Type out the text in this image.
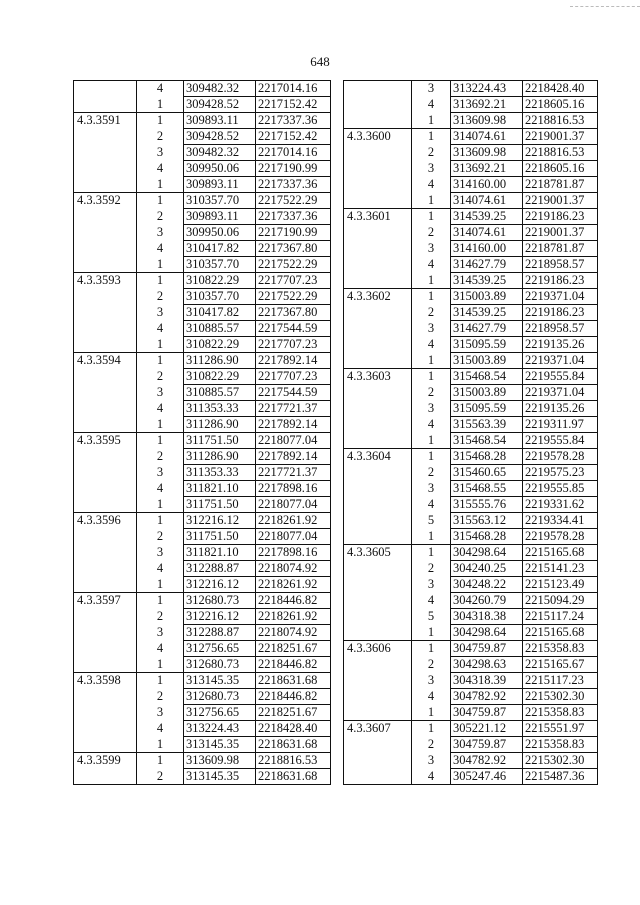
648
	4	309482.32	2217014.16
	1	309428.52	2217152.42
4.3.3591	1	309893.11	2217337.36
	2	309428.52	2217152.42
	3	309482.32	2217014.16
	4	309950.06	2217190.99
	1	309893.11	2217337.36
4.3.3592	1	310357.70	2217522.29
	2	309893.11	2217337.36
	3	309950.06	2217190.99
	4	310417.82	2217367.80
	1	310357.70	2217522.29
4.3.3593	1	310822.29	2217707.23
	2	310357.70	2217522.29
	3	310417.82	2217367.80
	4	310885.57	2217544.59
	1	310822.29	2217707.23
4.3.3594	1	311286.90	2217892.14
	2	310822.29	2217707.23
	3	310885.57	2217544.59
	4	311353.33	2217721.37
	1	311286.90	2217892.14
4.3.3595	1	311751.50	2218077.04
	2	311286.90	2217892.14
	3	311353.33	2217721.37
	4	311821.10	2217898.16
	1	311751.50	2218077.04
4.3.3596	1	312216.12	2218261.92
	2	311751.50	2218077.04
	3	311821.10	2217898.16
	4	312288.87	2218074.92
	1	312216.12	2218261.92
4.3.3597	1	312680.73	2218446.82
	2	312216.12	2218261.92
	3	312288.87	2218074.92
	4	312756.65	2218251.67
	1	312680.73	2218446.82
4.3.3598	1	313145.35	2218631.68
	2	312680.73	2218446.82
	3	312756.65	2218251.67
	4	313224.43	2218428.40
	1	313145.35	2218631.68
4.3.3599	1	313609.98	2218816.53
	2	313145.35	2218631.68
	3	313224.43	2218428.40
	4	313692.21	2218605.16
	1	313609.98	2218816.53
4.3.3600	1	314074.61	2219001.37
	2	313609.98	2218816.53
	3	313692.21	2218605.16
	4	314160.00	2218781.87
	1	314074.61	2219001.37
4.3.3601	1	314539.25	2219186.23
	2	314074.61	2219001.37
	3	314160.00	2218781.87
	4	314627.79	2218958.57
	1	314539.25	2219186.23
4.3.3602	1	315003.89	2219371.04
	2	314539.25	2219186.23
	3	314627.79	2218958.57
	4	315095.59	2219135.26
	1	315003.89	2219371.04
4.3.3603	1	315468.54	2219555.84
	2	315003.89	2219371.04
	3	315095.59	2219135.26
	4	315563.39	2219311.97
	1	315468.54	2219555.84
4.3.3604	1	315468.28	2219578.28
	2	315460.65	2219575.23
	3	315468.55	2219555.85
	4	315555.76	2219331.62
	5	315563.12	2219334.41
	1	315468.28	2219578.28
4.3.3605	1	304298.64	2215165.68
	2	304240.25	2215141.23
	3	304248.22	2215123.49
	4	304260.79	2215094.29
	5	304318.38	2215117.24
	1	304298.64	2215165.68
4.3.3606	1	304759.87	2215358.83
	2	304298.63	2215165.67
	3	304318.39	2215117.23
	4	304782.92	2215302.30
	1	304759.87	2215358.83
4.3.3607	1	305221.12	2215551.97
	2	304759.87	2215358.83
	3	304782.92	2215302.30
	4	305247.46	2215487.36
